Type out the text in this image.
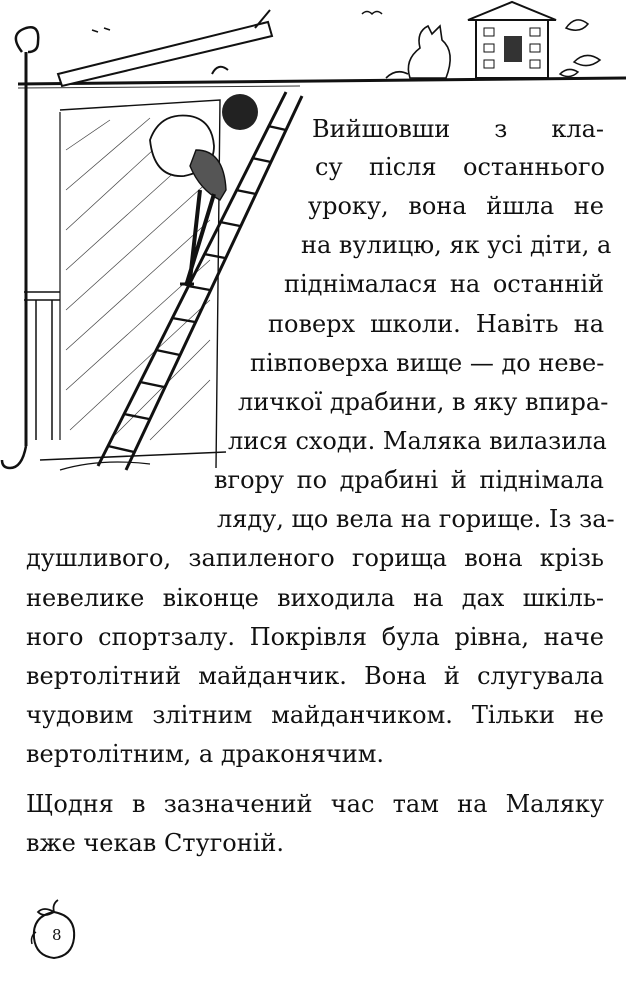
Вийшовши з кла-
су після останнього
уроку, вона йшла не
на вулицю, як усі діти, а
піднімалася на останній
поверх школи. Навіть на
півповерха вище — до неве-
личкої драбини, в яку впира-
лися сходи. Маляка вилазила
вгору по драбині й піднімала
ляду, що вела на горище. Із за-
душливого, запиленого горища вона крізь
невелике віконце виходила на дах шкіль-
ного спортзалу. Покрівля була рівна, наче
вертолітний майданчик. Вона й слугувала
чудовим злітним майданчиком. Тільки не
вертолітним, а драконячим.
Щодня в зазначений час там на Маляку
вже чекав Стугоній.
8
